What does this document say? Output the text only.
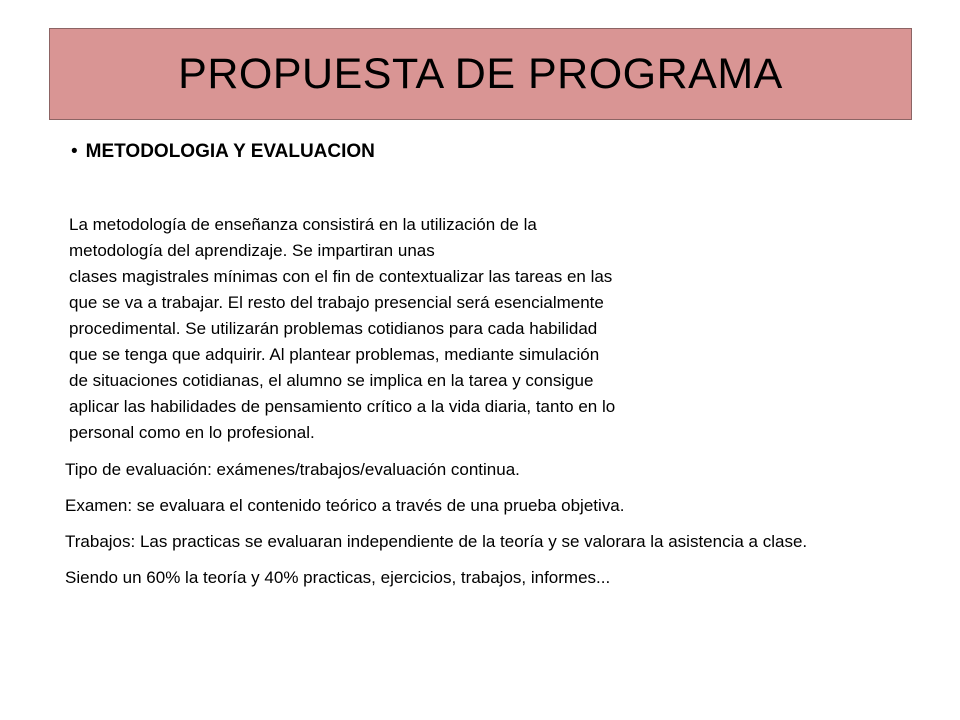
PROPUESTA DE PROGRAMA
• METODOLOGIA Y EVALUACION
La metodología de enseñanza consistirá en la utilización de la
metodología del aprendizaje. Se impartiran unas
clases magistrales mínimas con el fin de contextualizar las tareas en las
que se va a trabajar. El resto del trabajo presencial será esencialmente
procedimental. Se utilizarán problemas cotidianos para cada habilidad
que se tenga que adquirir. Al plantear problemas, mediante simulación
de situaciones cotidianas, el alumno se implica en la tarea y consigue
aplicar las habilidades de pensamiento crítico a la vida diaria, tanto en lo
personal como en lo profesional.

Tipo de evaluación: exámenes/trabajos/evaluación continua.

Examen: se evaluara el contenido teórico a través de una prueba objetiva.

Trabajos: Las practicas se evaluaran independiente de la teoría y se valorara la asistencia a clase.

Siendo un 60% la teoría y 40% practicas, ejercicios, trabajos, informes...
